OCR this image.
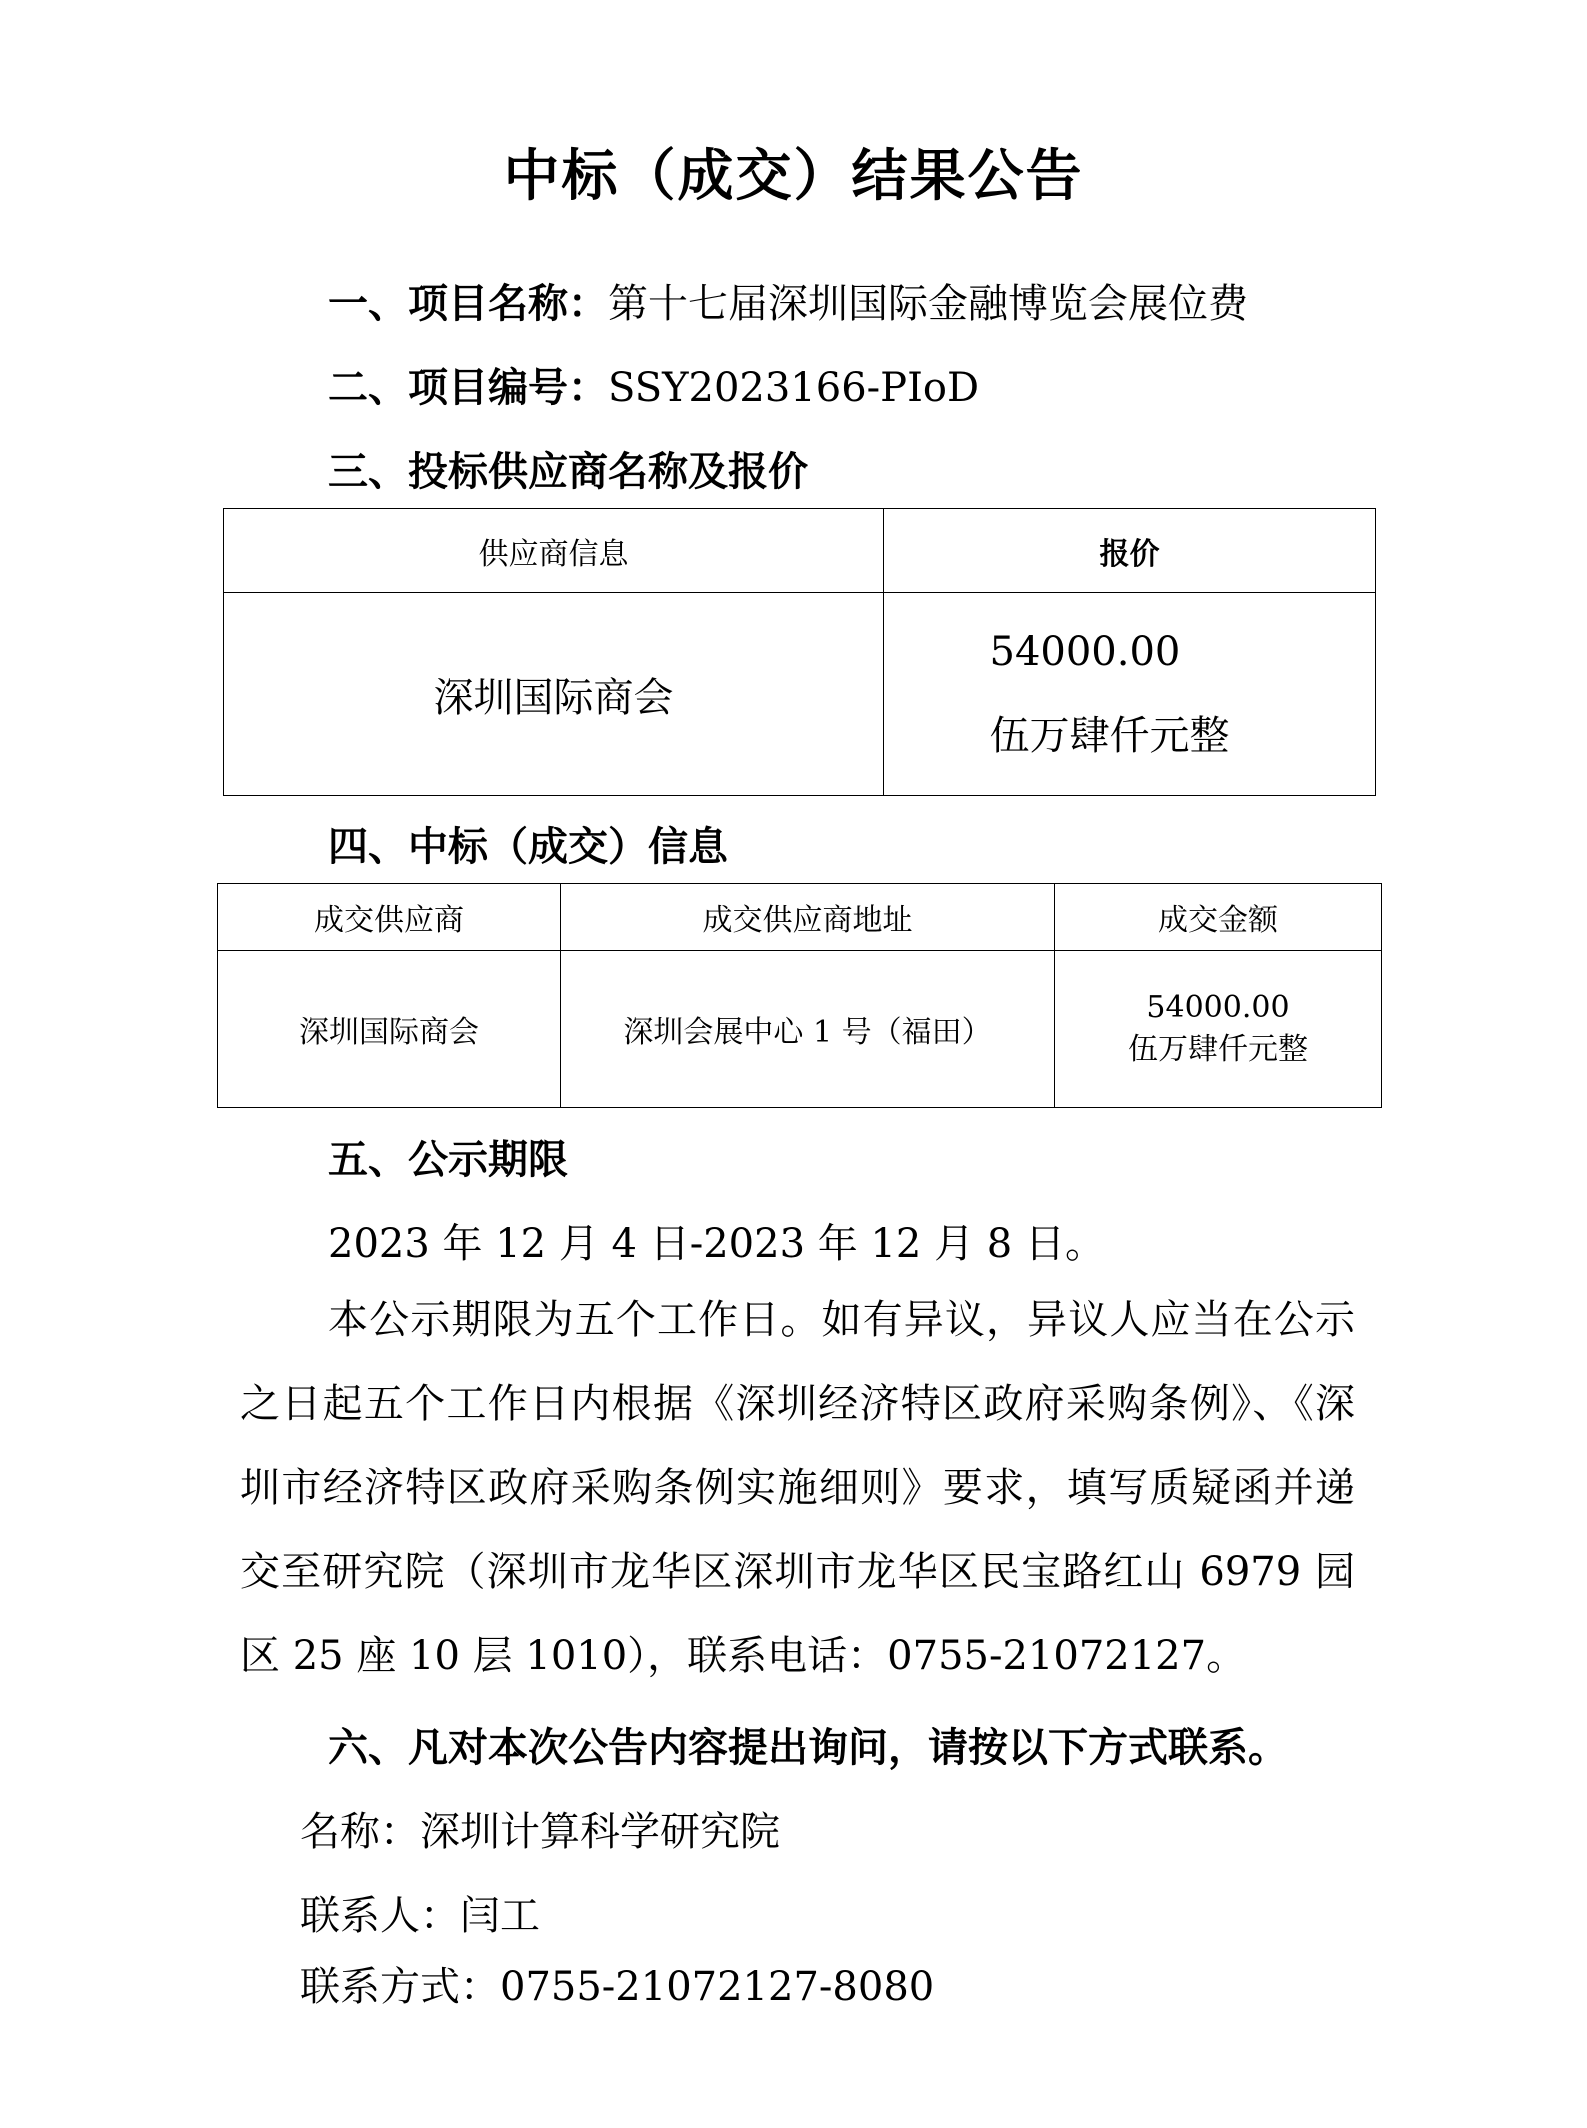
中标（成交）结果公告
一、项目名称：第十七届深圳国际金融博览会展位费
二、项目编号：SSY2023166-PIoD
三、投标供应商名称及报价
供应商信息	报价
深圳国际商会	54000.00
伍万肆仟元整
四、中标（成交）信息
成交供应商	成交供应商地址	成交金额
深圳国际商会	深圳会展中心 1 号（福田）	54000.00
伍万肆仟元整
五、公示期限
2023 年 12 月 4 日-2023 年 12 月 8 日。
本公示期限为五个工作日。如有异议，异议人应当在公示之日起五个工作日内根据《深圳经济特区政府采购条例》、《深圳市经济特区政府采购条例实施细则》要求，填写质疑函并递交至研究院（深圳市龙华区深圳市龙华区民宝路红山 6979 园区 25 座 10 层 1010），联系电话：0755-21072127。
六、凡对本次公告内容提出询问，请按以下方式联系。
名称：深圳计算科学研究院
联系人：闫工
联系方式：0755-21072127-8080
